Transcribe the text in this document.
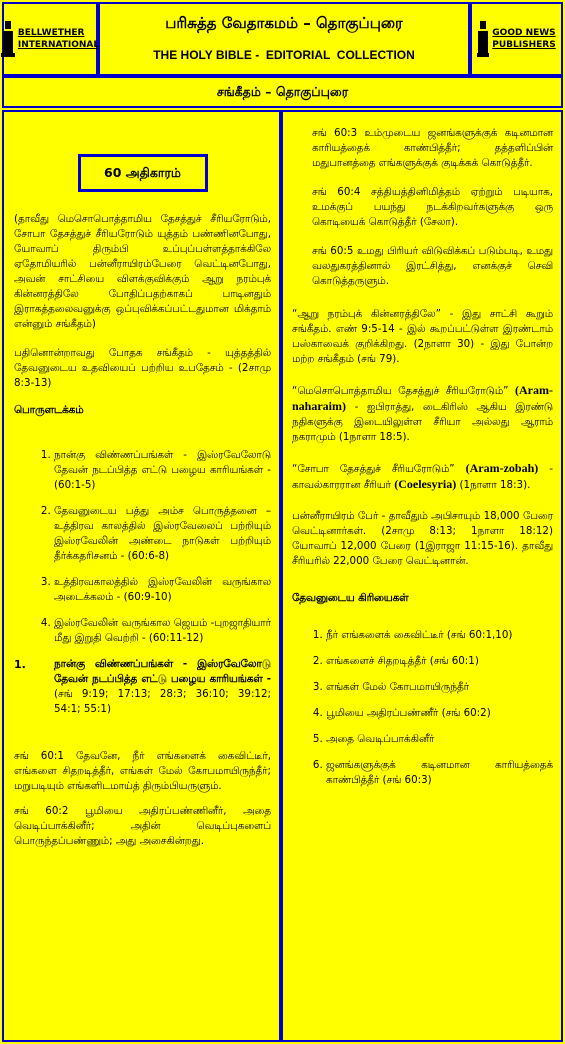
BELLWETHER
INTERNATIONAL
பரிசுத்த வேதாகமம் – தொகுப்புரை
THE HOLY BIBLE -  EDITORIAL  COLLECTION
GOOD NEWS
PUBLISHERS
சங்கீதம் – தொகுப்புரை
60 அதிகாரம்

(தாவீது மெசொபொத்தாமிய தேசத்துச் சீரியரோடும், சோபா தேசத்துச் சீரியரோடும் யுத்தம் பண்ணினபோது, யோவாப் திரும்பி உப்புப்பள்ளத்தாக்கிலே ஏதோமியரில் பன்னீராயிரம்பேரை வெட்டினபோது, அவன் சாட்சியை விளக்குவிக்கும் ஆறு நரம்புக் கின்னரத்திலே போதிப்பதற்காகப் பாடினதும் இராகத்தலைவனுக்கு ஒப்புவிக்கப்பட்டதுமான மிக்தாம் என்னும் சங்கீதம்)

பதினொன்றாவது போதக சங்கீதம் - யுத்தத்தில் தேவனுடைய உதவியைப் பற்றிய உபதேசம் - (2சாமு 8:3-13)

பொருளடக்கம்

1. நான்கு விண்ணப்பங்கள் - இஸ்ரவேலோடு தேவன் நடப்பித்த எட்டு பழைய காரியங்கள் - (60:1-5)
2. தேவனுடைய பத்து அம்ச பொருத்தனை – உத்திரவ காலத்தில் இஸ்ரவேலைப் பற்றியும் இஸ்ரவேலின் அண்டை நாடுகள் பற்றியும் தீர்க்கதரிசனம் - (60:6-8)
3. உத்திரவகாலத்தில் இஸ்ரவேலின் வருங்கால அடைக்கலம் - (60:9-10)
4. இஸ்ரவேலின் வருங்கால ஜெயம் -புறஜாதியார் மீது இறுதி வெற்றி - (60:11-12)
1.	நான்கு விண்ணப்பங்கள் - இஸ்ரவேலோடு தேவன் நடப்பித்த எட்டு பழைய காரியங்கள் - (சங் 9:19; 17:13; 28:3; 36:10; 39:12; 54:1; 55:1)

சங் 60:1 தேவனே, நீர் எங்களைக் கைவிட்டீர், எங்களை சிதறடித்தீர், எங்கள் மேல் கோபமாயிருந்தீர்; மறுபடியும் எங்களிடமாய்த் திரும்பியருளும்.

சங் 60:2 பூமியை அதிரப்பண்ணினீர், அதை வெடிப்பாக்கினீர்; அதின் வெடிப்புகளைப் பொருந்தப்பண்ணும்; அது அசைகின்றது.

சங் 60:3 உம்முடைய ஜனங்களுக்குக் கடினமான காரியத்தைக் காண்பித்தீர்; தத்தளிப்பின் மதுபானத்தை எங்களுக்குக் குடிக்கக் கொடுத்தீர்.

சங் 60:4 சத்தியத்தினிமித்தம் ஏற்றும் படியாக, உமக்குப் பயந்து நடக்கிறவர்களுக்கு ஒரு கொடியைக் கொடுத்தீர் (சேலா).

சங் 60:5 உமது பிரியர் விடுவிக்கப் படும்படி, உமது வலதுகரத்தினால் இரட்சித்து, எனக்குச் செவி கொடுத்தருளும்.

“ஆறு நரம்புக் கின்னரத்திலே” - இது சாட்சி கூறும் சங்கீதம். எண் 9:5-14 - இல் கூறப்பட்டுள்ள இரண்டாம் பஸ்காவைக் குறிக்கிறது. (2நாளா 30) - இது போன்ற மற்ற சங்கீதம் (சங் 79).

“மெசொபொத்தாமிய தேசத்துச் சீரியரோடும்” (Aram-naharaim) - ஐபிராத்து, டைகிரிஸ் ஆகிய இரண்டு நதிகளுக்கு இடையிலுள்ள சீரியா அல்லது ஆராம் நகராமும் (1நாளா 18:5).

“சோபா தேசத்துச் சீரியரோடும்” (Aram-zobah) - காவல்காரரான சீரியர் (Coelesyria) (1நாளா 18:3).

பன்னீராயிரம் பேர் - தாவீதும் அபிசாயும் 18,000 பேரை வெட்டினார்கள். (2சாமு 8:13; 1நாளா 18:12) யோவாப் 12,000 பேரை (1இராஜா 11:15-16). தாவீது சீரியரில் 22,000 பேரை வெட்டினான்.

தேவனுடைய கிரியைகள்

1. நீர் எங்களைக் கைவிட்டீர் (சங் 60:1,10)
2. எங்களைச் சிதறடித்தீர் (சங் 60:1)
3. எங்கள் மேல் கோபமாயிருந்தீர்
4. பூமியை அதிரப்பண்ணீர் (சங் 60:2)
5. அதை வெடிப்பாக்கினீர்
6. ஜனங்களுக்குக் கடினமான காரியத்தைக் காண்பித்தீர் (சங் 60:3)
